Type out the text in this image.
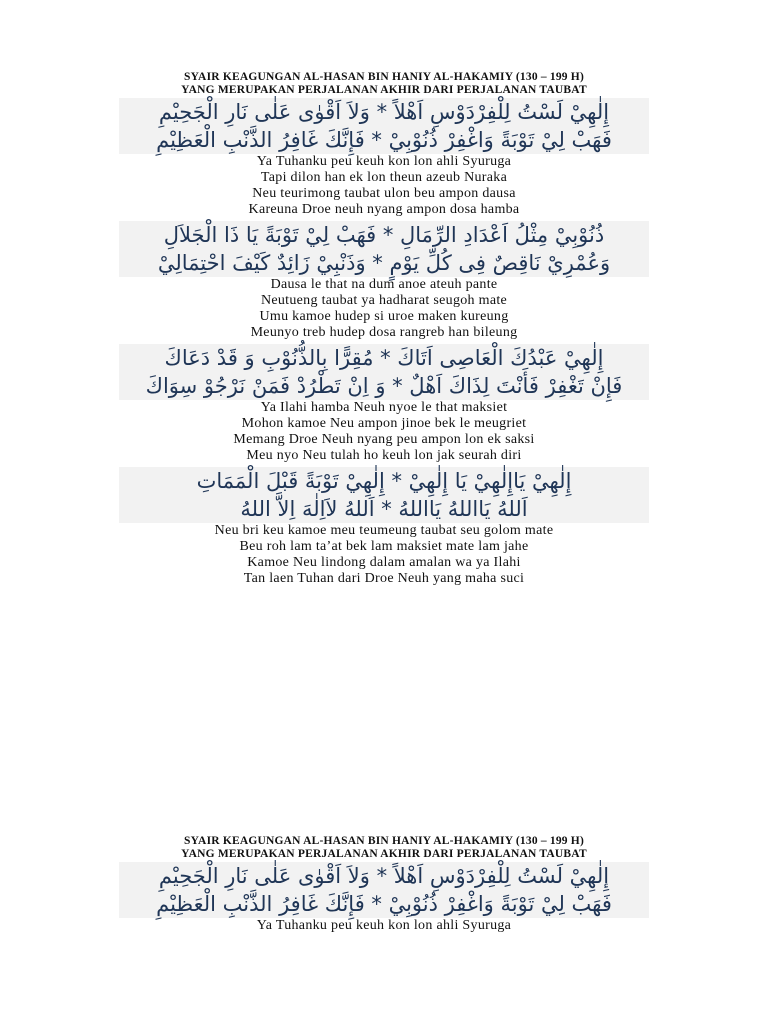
SYAIR KEAGUNGAN AL-HASAN BIN HANIY AL-HAKAMIY (130 – 199 H)

YANG MERUPAKAN PERJALANAN AKHIR DARI PERJALANAN TAUBAT

إِلٰهِيْ لَسْتُ لِلْفِرْدَوْسِ اَهْلاً * وَلاَ اَقْوٰى عَلٰى نَارِ الْجَحِيْمِ

فَهَبْ لِيْ تَوْبَةً وَاغْفِرْ ذُنُوْبِيْ * فَإِنَّكَ غَافِرُ الذَّنْبِ الْعَظِيْمِ

Ya Tuhanku peu keuh kon lon ahli Syuruga

Tapi dilon han ek lon theun azeub Nuraka

Neu teurimong taubat ulon beu ampon dausa

Kareuna Droe neuh nyang ampon dosa hamba

ذُنُوْبِيْ مِثْلُ اَعْدَادِ الرِّمَالِ * فَهَبْ لِيْ تَوْبَةً يَا ذَا الْجَلاَلِ

وَعُمْرِيْ نَاقِصٌ فِى كُلِّ يَوْمٍ * وَذَنْبِيْ زَائِدٌ كَيْفَ احْتِمَالِيْ

Dausa le that na dum anoe ateuh pante

Neutueng taubat ya hadharat seugoh mate

Umu kamoe hudep si uroe maken kureung

Meunyo treb hudep dosa rangreb han bileung

إِلٰهِيْ عَبْدُكَ الْعَاصِى اَتَاكَ * مُقِرًّا بِالذُّنُوْبِ وَ قَدْ دَعَاكَ

فَإِنْ تَغْفِرْ فَأَنْتَ لِذَاكَ اَهْلٌ * وَ اِنْ تَطْرُدْ فَمَنْ نَرْجُوْ سِوَاكَ

Ya Ilahi hamba Neuh nyoe le that maksiet

Mohon kamoe Neu ampon jinoe bek le meugriet

Memang Droe Neuh nyang peu ampon lon ek saksi

Meu nyo Neu tulah ho keuh lon jak seurah diri

إِلٰهِيْ يَاإِلٰهِيْ يَا إِلٰهِيْ * إِلٰهِيْ تَوْبَةً قَبْلَ الْمَمَاتِ

اَللهُ يَااللهُ يَااللهُ * اَللهُ لاَاِلٰهَ اِلاَّ اللهُ

Neu bri keu kamoe meu teumeung taubat seu golom mate

Beu roh lam ta’at bek lam maksiet mate lam jahe

Kamoe Neu lindong dalam amalan wa ya Ilahi

Tan laen Tuhan dari Droe Neuh yang maha suci

SYAIR KEAGUNGAN AL-HASAN BIN HANIY AL-HAKAMIY (130 – 199 H)

YANG MERUPAKAN PERJALANAN AKHIR DARI PERJALANAN TAUBAT

إِلٰهِيْ لَسْتُ لِلْفِرْدَوْسِ اَهْلاً * وَلاَ اَقْوٰى عَلٰى نَارِ الْجَحِيْمِ

فَهَبْ لِيْ تَوْبَةً وَاغْفِرْ ذُنُوْبِيْ * فَإِنَّكَ غَافِرُ الذَّنْبِ الْعَظِيْمِ

Ya Tuhanku peu keuh kon lon ahli Syuruga
